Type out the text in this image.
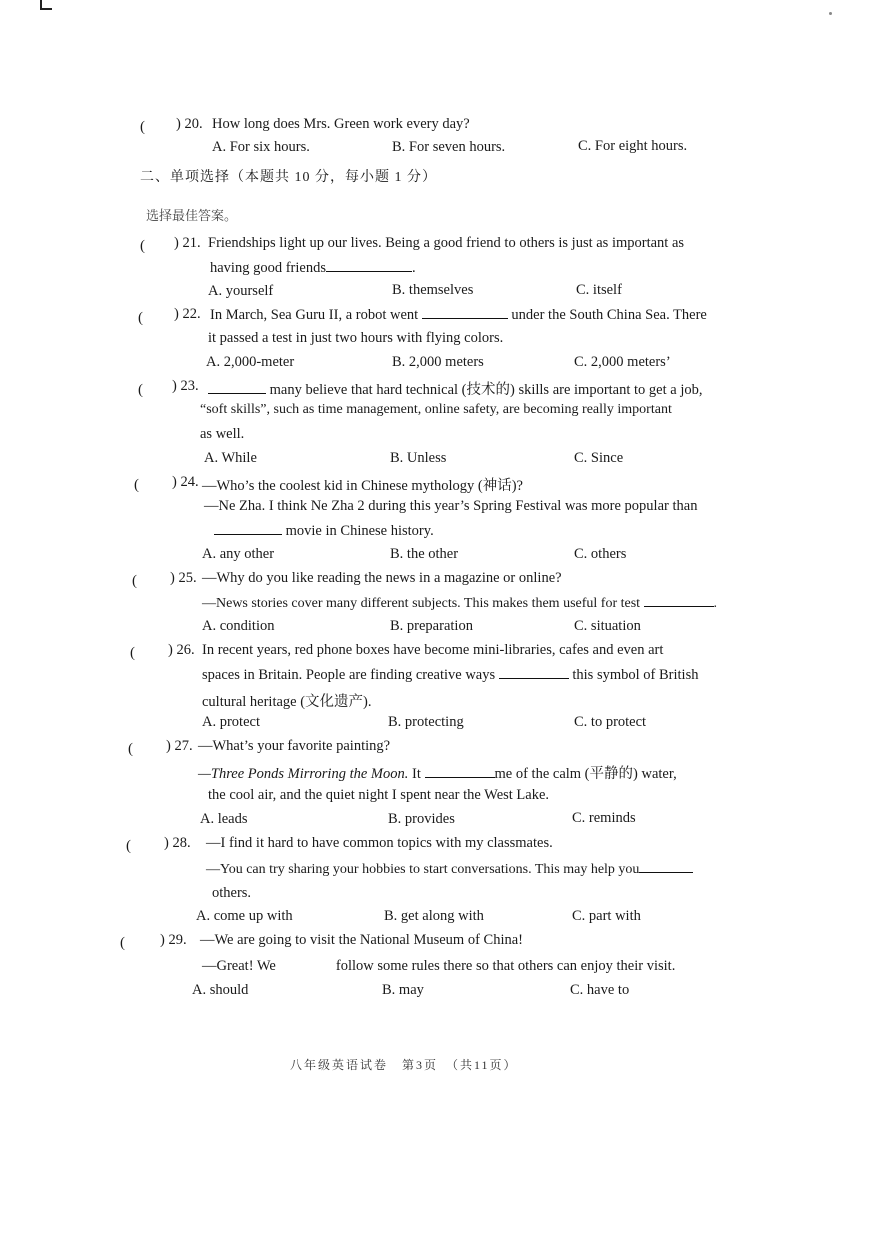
( ) 20. How long does Mrs. Green work every day?
A. For six hours.	B. For seven hours.	C. For eight hours.
二、单项选择（本题共 10 分，每小题 1 分）
选择最佳答案。
( ) 21. Friendships light up our lives. Being a good friend to others is just as important as
having good friends	.
A. yourself	B. themselves	C. itself
( ) 22. In March, Sea Guru II, a robot went	under the South China Sea. There
it passed a test in just two hours with flying colors.
A. 2,000-meter	B. 2,000 meters	C. 2,000 meters’
( ) 23.	many believe that hard technical (技术的) skills are important to get a job,
“soft skills”, such as time management, online safety, are becoming really important
as well.
A. While	B. Unless	C. Since
( ) 24. —Who’s the coolest kid in Chinese mythology (神话)?
—Ne Zha. I think Ne Zha 2 during this year’s Spring Festival was more popular than
movie in Chinese history.
A. any other	B. the other	C. others
( ) 25. —Why do you like reading the news in a magazine or online?
—News stories cover many different subjects. This makes them useful for test	.
A. condition	B. preparation	C. situation
( ) 26. In recent years, red phone boxes have become mini-libraries, cafes and even art
spaces in Britain. People are finding creative ways	this symbol of British
cultural heritage (文化遗产).
A. protect	B. protecting	C. to protect
( ) 27. —What’s your favorite painting?
—Three Ponds Mirroring the Moon. It	me of the calm (平静的) water,
the cool air, and the quiet night I spent near the West Lake.
A. leads	B. provides	C. reminds
( ) 28. —I find it hard to have common topics with my classmates.
—You can try sharing your hobbies to start conversations. This may help you
others.
A. come up with	B. get along with	C. part with
( ) 29. —We are going to visit the National Museum of China!
—Great! We	follow some rules there so that others can enjoy their visit.
A. should	B. may	C. have to
八年级英语试卷　第3页　（共11页）
